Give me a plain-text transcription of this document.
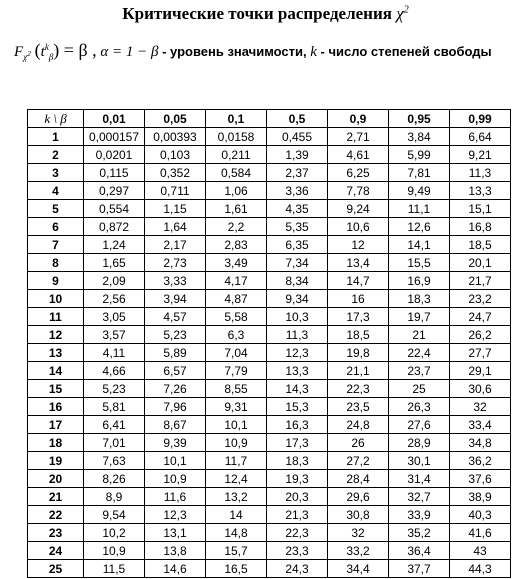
Критические точки распределения $\chi^2$
$F_{\chi^2}$ $(t^k_\beta) = \beta$ , α = 1 − β - уровень значимости, k - число степеней свободы
k \ β	0,01	0,05	0,1	0,5	0,9	0,95	0,99
1	0,000157	0,00393	0,0158	0,455	2,71	3,84	6,64
2	0,0201	0,103	0,211	1,39	4,61	5,99	9,21
3	0,115	0,352	0,584	2,37	6,25	7,81	11,3
4	0,297	0,711	1,06	3,36	7,78	9,49	13,3
5	0,554	1,15	1,61	4,35	9,24	11,1	15,1
6	0,872	1,64	2,2	5,35	10,6	12,6	16,8
7	1,24	2,17	2,83	6,35	12	14,1	18,5
8	1,65	2,73	3,49	7,34	13,4	15,5	20,1
9	2,09	3,33	4,17	8,34	14,7	16,9	21,7
10	2,56	3,94	4,87	9,34	16	18,3	23,2
11	3,05	4,57	5,58	10,3	17,3	19,7	24,7
12	3,57	5,23	6,3	11,3	18,5	21	26,2
13	4,11	5,89	7,04	12,3	19,8	22,4	27,7
14	4,66	6,57	7,79	13,3	21,1	23,7	29,1
15	5,23	7,26	8,55	14,3	22,3	25	30,6
16	5,81	7,96	9,31	15,3	23,5	26,3	32
17	6,41	8,67	10,1	16,3	24,8	27,6	33,4
18	7,01	9,39	10,9	17,3	26	28,9	34,8
19	7,63	10,1	11,7	18,3	27,2	30,1	36,2
20	8,26	10,9	12,4	19,3	28,4	31,4	37,6
21	8,9	11,6	13,2	20,3	29,6	32,7	38,9
22	9,54	12,3	14	21,3	30,8	33,9	40,3
23	10,2	13,1	14,8	22,3	32	35,2	41,6
24	10,9	13,8	15,7	23,3	33,2	36,4	43
25	11,5	14,6	16,5	24,3	34,4	37,7	44,3
